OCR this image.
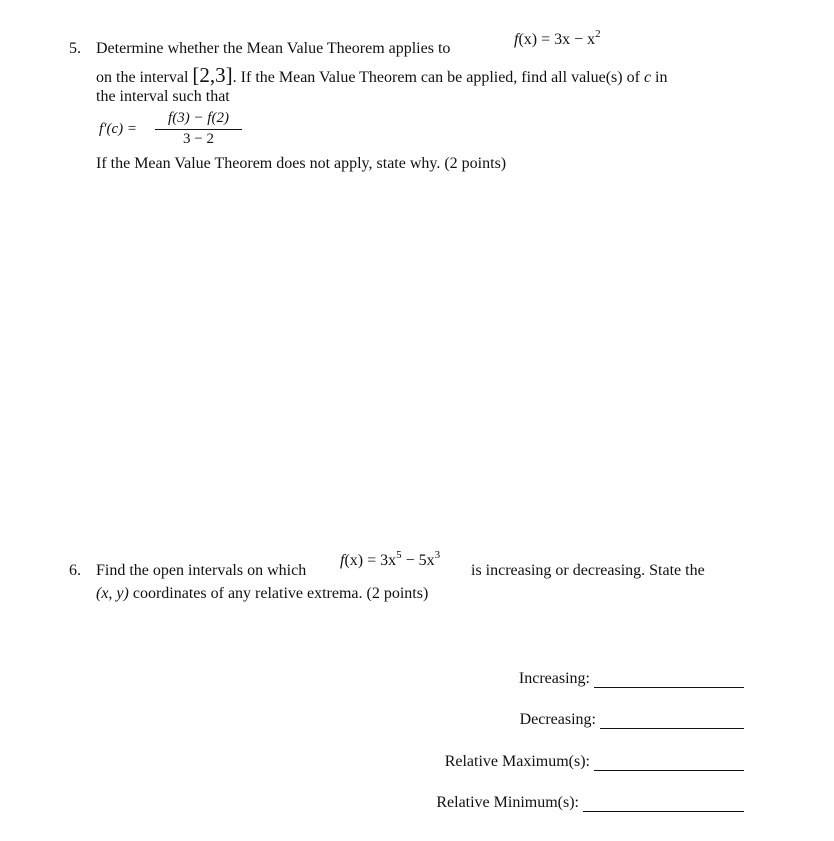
5. Determine whether the Mean Value Theorem applies to
$f(x) = 3x - x^2$
on the interval [2,3]. If the Mean Value Theorem can be applied, find all value(s) of c in
the interval such that
f′(c) =
f(3) − f(2)
3 − 2
If the Mean Value Theorem does not apply, state why. (2 points)
6. Find the open intervals on which
$f(x) = 3x^5 - 5x^3$
is increasing or decreasing. State the
(x, y) coordinates of any relative extrema. (2 points)
Increasing:
Decreasing:
Relative Maximum(s):
Relative Minimum(s):
